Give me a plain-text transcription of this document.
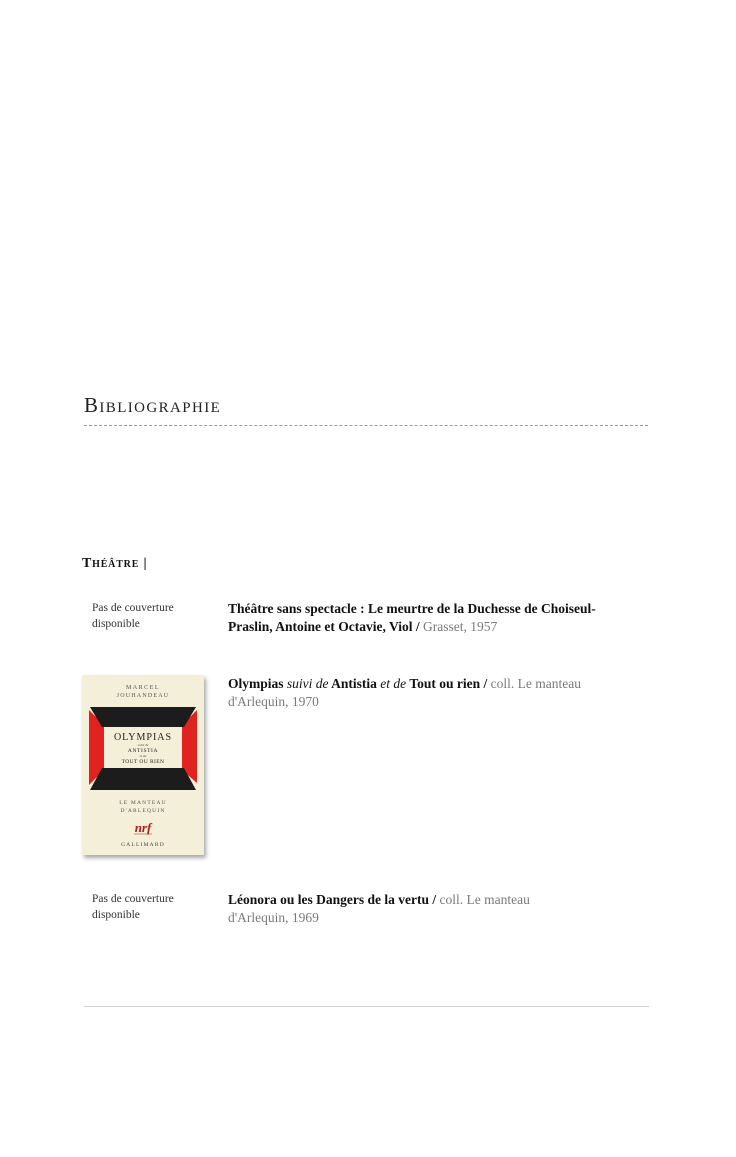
Bibliographie
Théâtre |
Pas de couverture disponible
Théâtre sans spectacle : Le meurtre de la Duchesse de Choiseul-Praslin, Antoine et Octavie, Viol / Grasset, 1957
MARCEL
JOUHANDEAU
OLYMPIAS
suivi de
ANTISTIA
et de
TOUT OU RIEN
LE MANTEAU
D'ARLEQUIN
nrf
GALLIMARD
Olympias suivi de Antistia et de Tout ou rien / coll. Le manteau d'Arlequin, 1970
Pas de couverture disponible
Léonora ou les Dangers de la vertu / coll. Le manteau d'Arlequin, 1969
